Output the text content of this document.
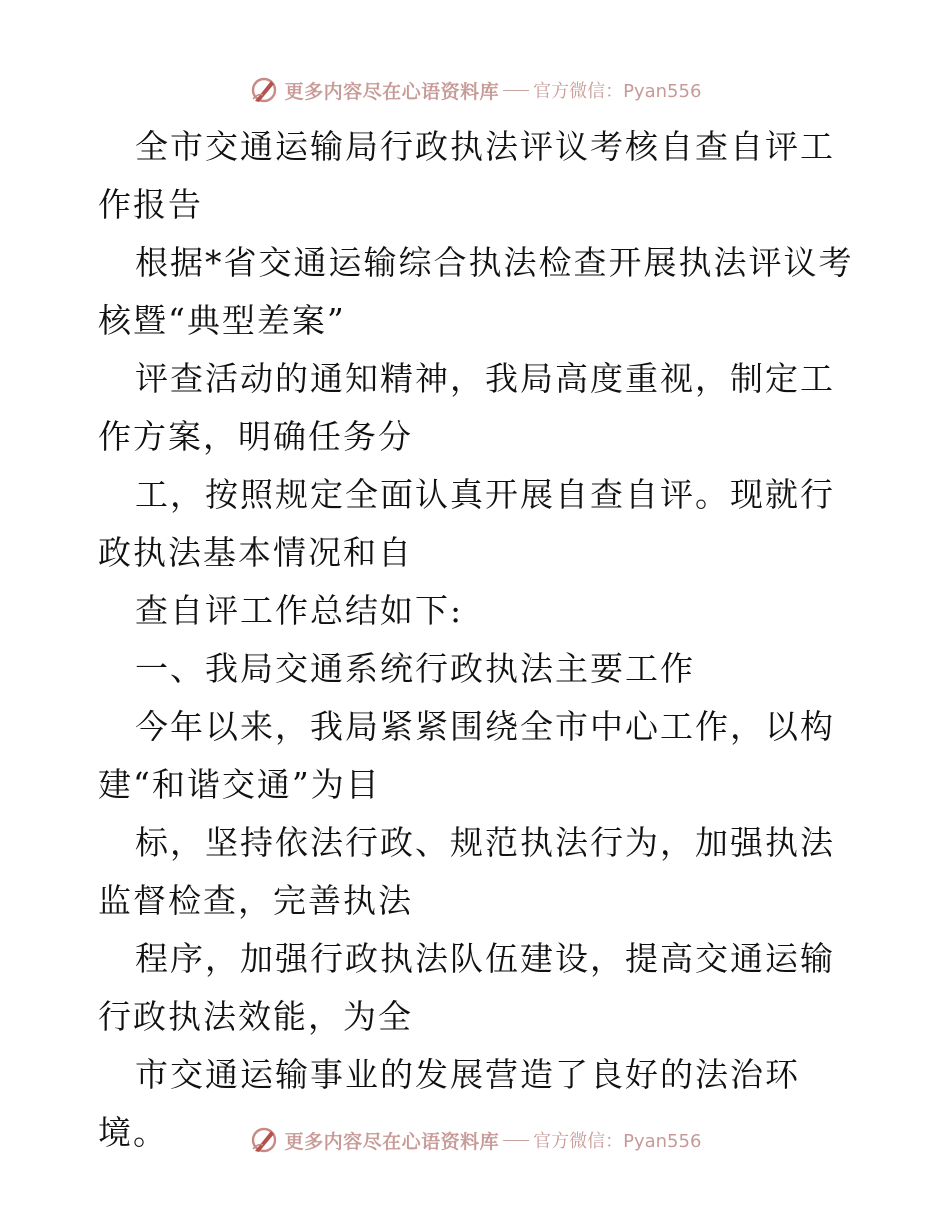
更多内容尽在心语资料库 官方微信：Pyan556

全市交通运输局行政执法评议考核自查自评工作报告

根据*省交通运输综合执法检查开展执法评议考核暨“典型差案”

评查活动的通知精神，我局高度重视，制定工作方案，明确任务分

工，按照规定全面认真开展自查自评。现就行政执法基本情况和自

查自评工作总结如下:

一、我局交通系统行政执法主要工作

今年以来，我局紧紧围绕全市中心工作，以构建“和谐交通”为目

标，坚持依法行政、规范执法行为，加强执法监督检查，完善执法

程序，加强行政执法队伍建设，提高交通运输行政执法效能，为全

市交通运输事业的发展营造了良好的法治环境。	更多内容尽在心语资料库 官方微信：Pyan556
